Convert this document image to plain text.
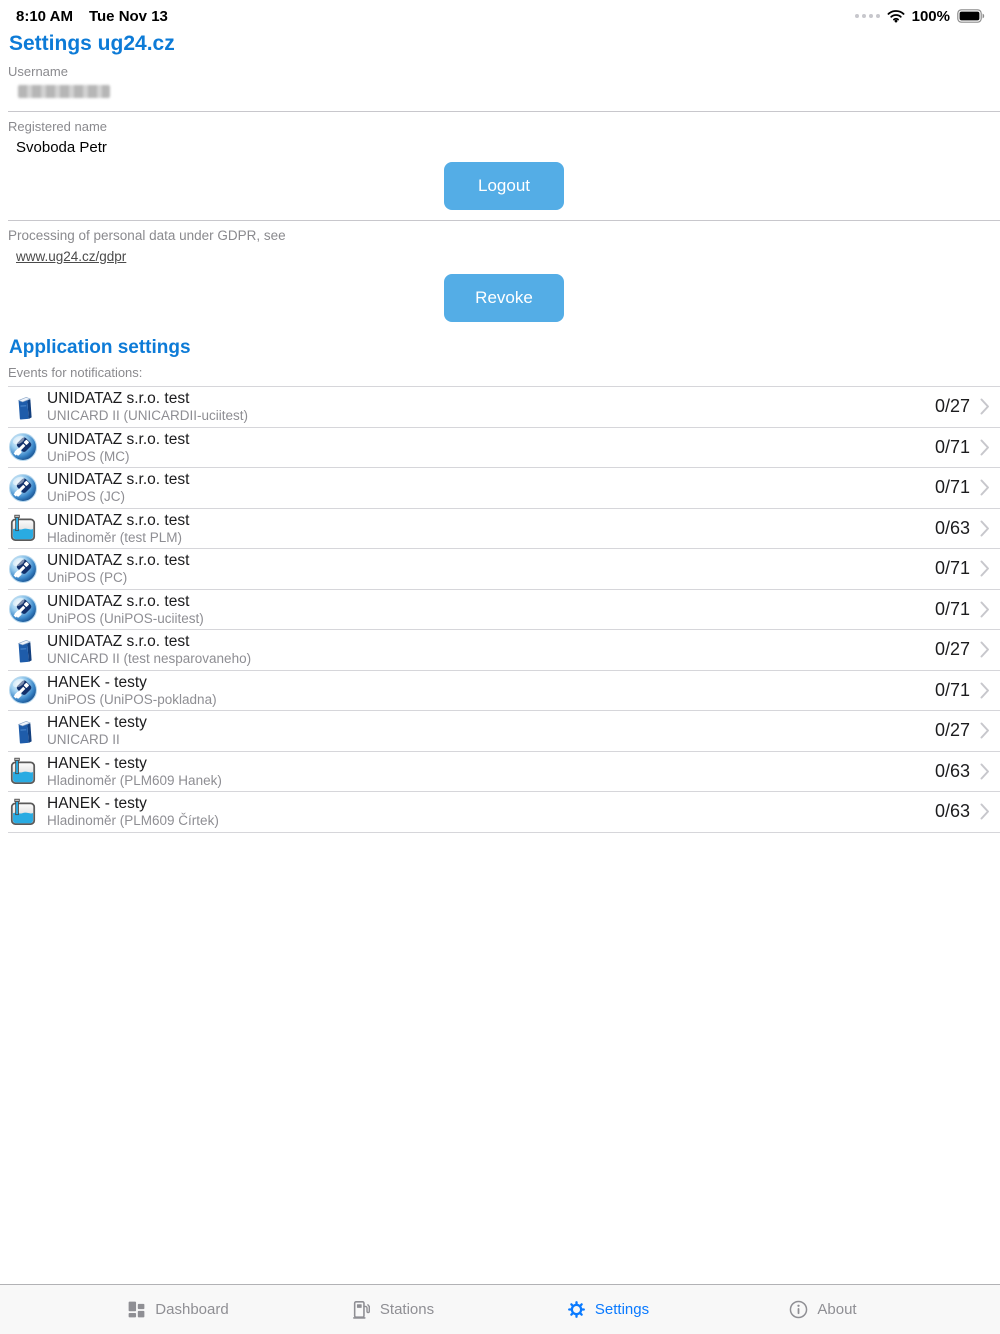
8:10 AM Tue Nov 13	100%
Settings ug24.cz
Username
Registered name
Svoboda Petr
Logout
Processing of personal data under GDPR, see
www.ug24.cz/gdpr
Revoke
Application settings
Events for notifications:
UNIDATAZ s.r.o. test
UNICARD II (UNICARDII-uciitest)	0/27
UNIDATAZ s.r.o. test
UniPOS (MC)	0/71
UNIDATAZ s.r.o. test
UniPOS (JC)	0/71
UNIDATAZ s.r.o. test
Hladinoměr (test PLM)	0/63
UNIDATAZ s.r.o. test
UniPOS (PC)	0/71
UNIDATAZ s.r.o. test
UniPOS (UniPOS-uciitest)	0/71
UNIDATAZ s.r.o. test
UNICARD II (test nesparovaneho)	0/27
HANEK - testy
UniPOS (UniPOS-pokladna)	0/71
HANEK - testy
UNICARD II	0/27
HANEK - testy
Hladinoměr (PLM609 Hanek)	0/63
HANEK - testy
Hladinoměr (PLM609 Čírtek)	0/63
Dashboard	Stations	Settings	About
